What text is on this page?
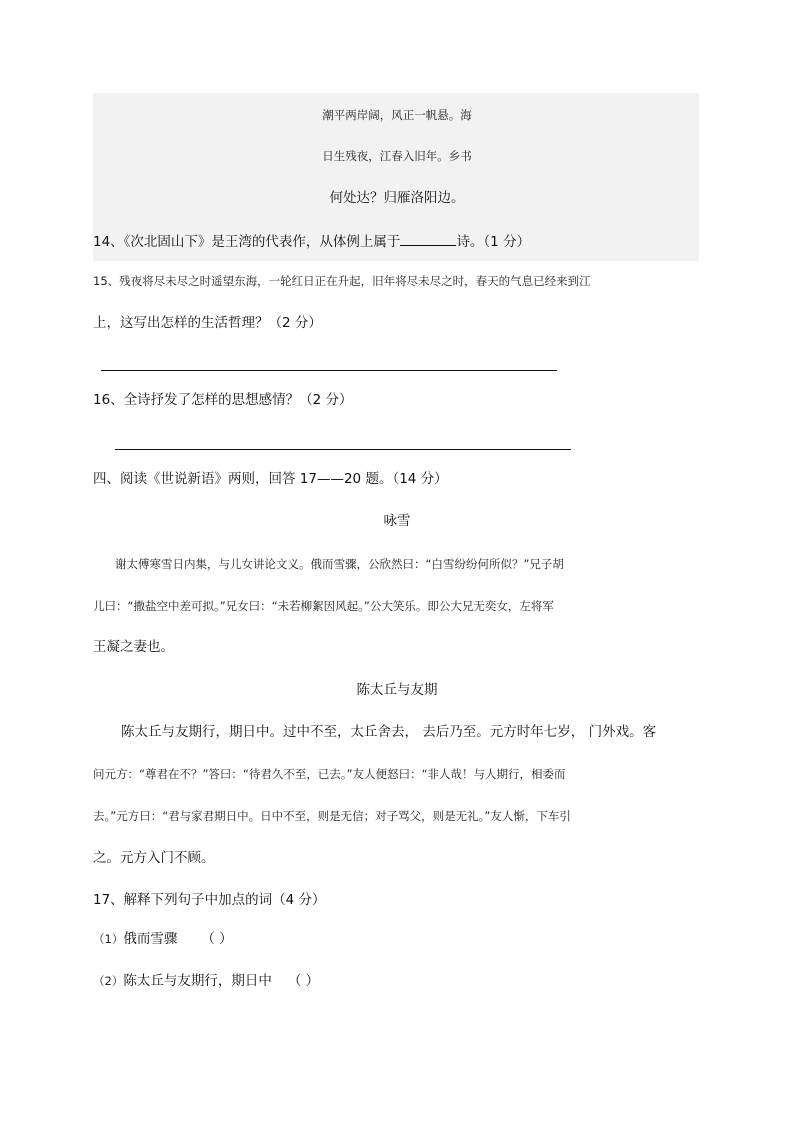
潮平两岸阔，风正一帆悬。海
日生残夜，江春入旧年。乡书
何处达？归雁洛阳边。
14、《次北固山下》是王湾的代表作，从体例上属于	诗。（1 分）
15、残夜将尽未尽之时遥望东海，一轮红日正在升起，旧年将尽未尽之时，春天的气息已经来到江
上，这写出怎样的生活哲理？（2 分）
16、全诗抒发了怎样的思想感情？（2 分）
四、阅读《世说新语》两则，回答 17——20 题。（14 分）
咏雪
谢太傅寒雪日内集，与儿女讲论文义。俄而雪骤，公欣然曰：“白雪纷纷何所似？”兄子胡
儿曰：“撒盐空中差可拟。”兄女曰：“未若柳絮因风起。”公大笑乐。即公大兄无奕女，左将军
王凝之妻也。
陈太丘与友期
陈太丘与友期行，期日中。过中不至，太丘舍去， 去后乃至。元方时年七岁， 门外戏。客
问元方：“尊君在不？”答曰：“待君久不至，已去。”友人便怒曰：“非人哉！与人期行，相委而
去。”元方曰：“君与家君期日中。日中不至，则是无信；对子骂父，则是无礼。”友人惭，下车引
之。元方入门不顾。
17、解释下列句子中加点的词（4 分）
（1）俄而雪骤 （ ）
（2）陈太丘与友期行，期日中 （ ）
